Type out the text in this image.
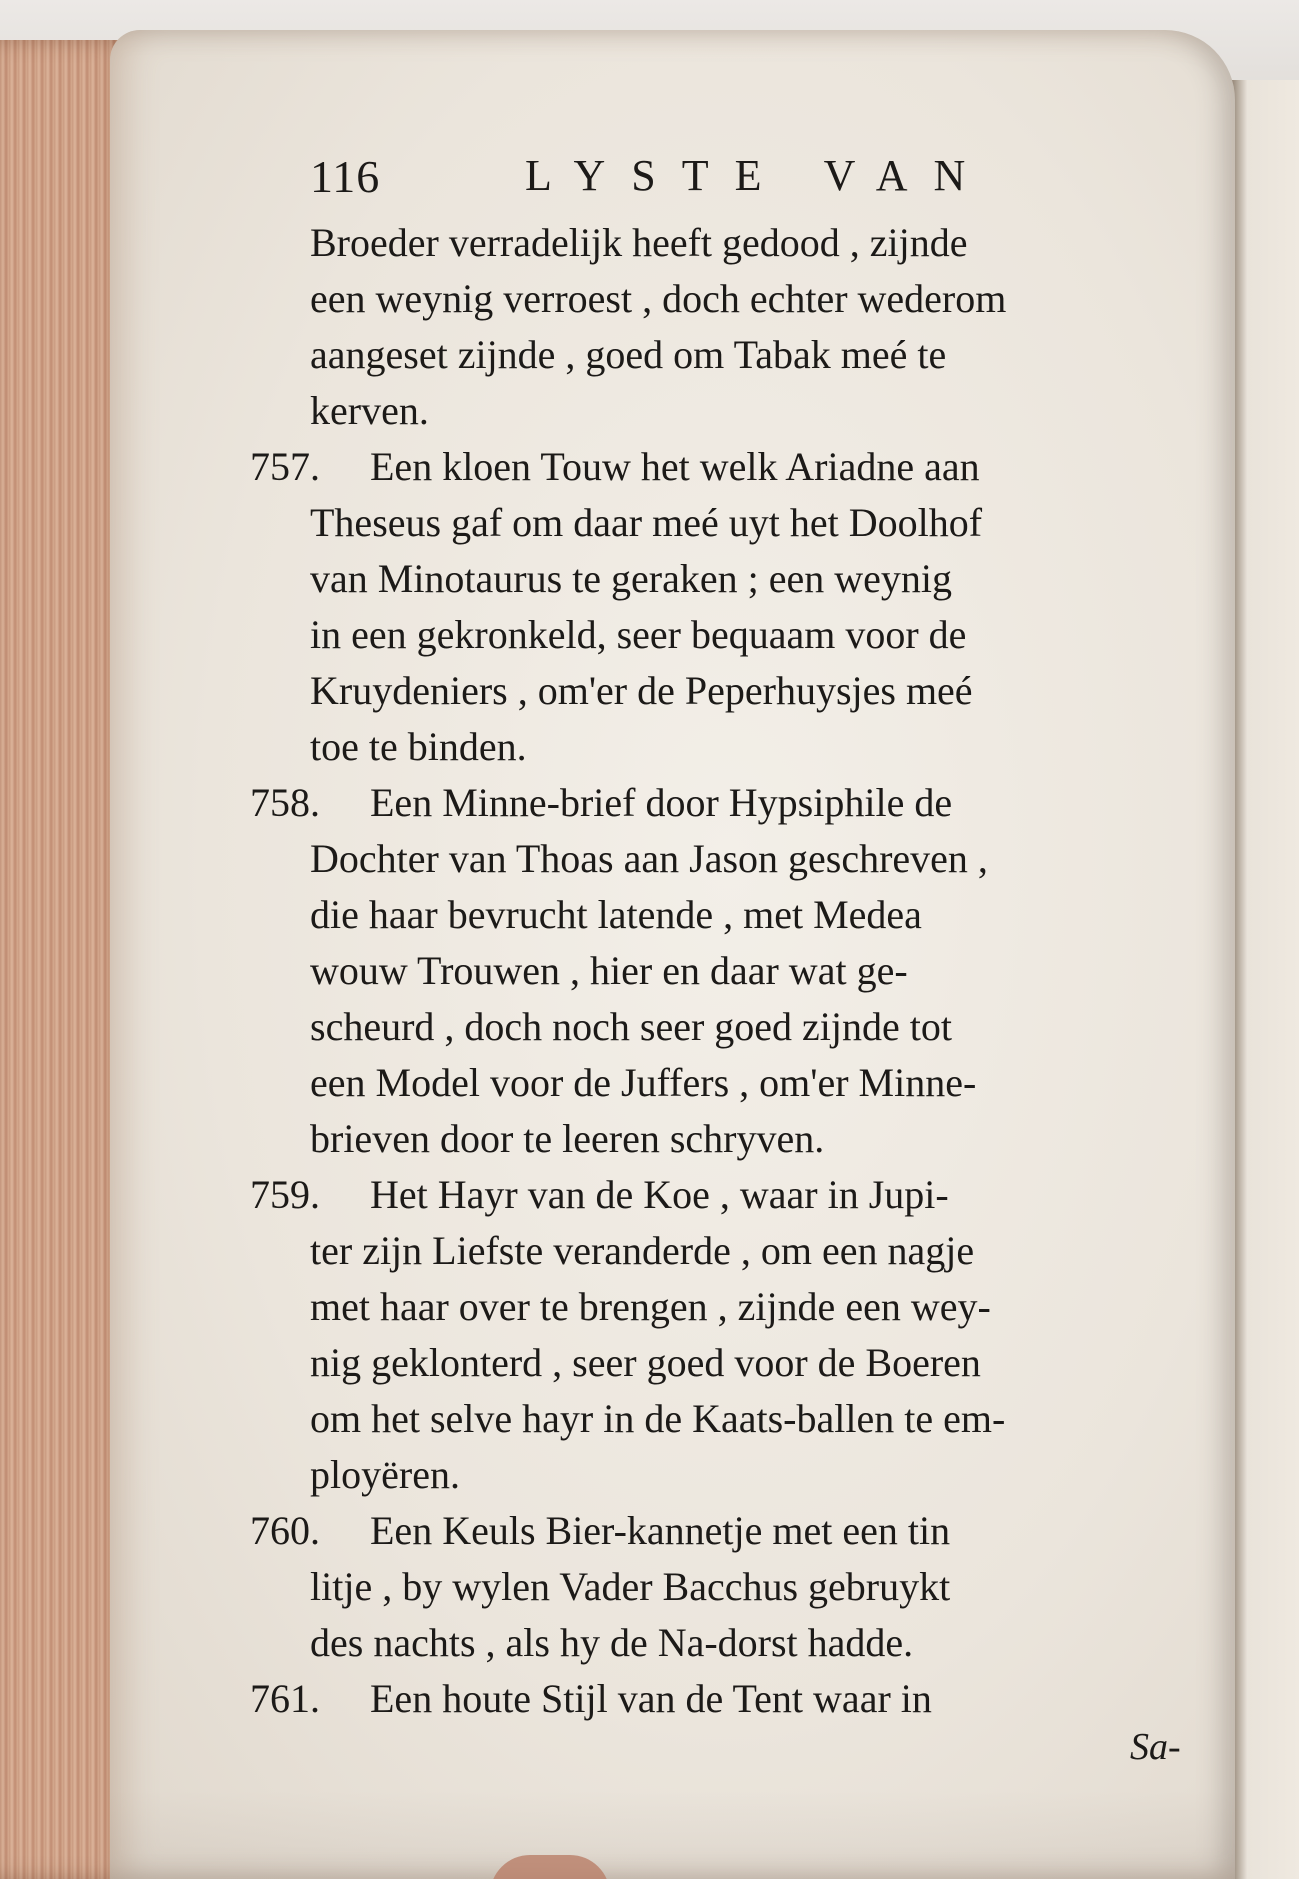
116	LYSTE VAN
Broeder verradelijk heeft gedood , zijnde
een weynig verroest , doch echter wederom
aangeset zijnde , goed om Tabak meé te
kerven.
757. Een kloen Touw het welk Ariadne aan
Theseus gaf om daar meé uyt het Doolhof
van Minotaurus te geraken ; een weynig
in een gekronkeld, seer bequaam voor de
Kruydeniers , om'er de Peperhuysjes meé
toe te binden.
758. Een Minne-brief door Hypsiphile de
Dochter van Thoas aan Jason geschreven ,
die haar bevrucht latende , met Medea
wouw Trouwen , hier en daar wat ge-
scheurd , doch noch seer goed zijnde tot
een Model voor de Juffers , om'er Minne-
brieven door te leeren schryven.
759. Het Hayr van de Koe , waar in Jupi-
ter zijn Liefste veranderde , om een nagje
met haar over te brengen , zijnde een wey-
nig geklonterd , seer goed voor de Boeren
om het selve hayr in de Kaats-ballen te em-
ployëren.
760. Een Keuls Bier-kannetje met een tin
litje , by wylen Vader Bacchus gebruykt
des nachts , als hy de Na-dorst hadde.
761. Een houte Stijl van de Tent waar in
Sa-
